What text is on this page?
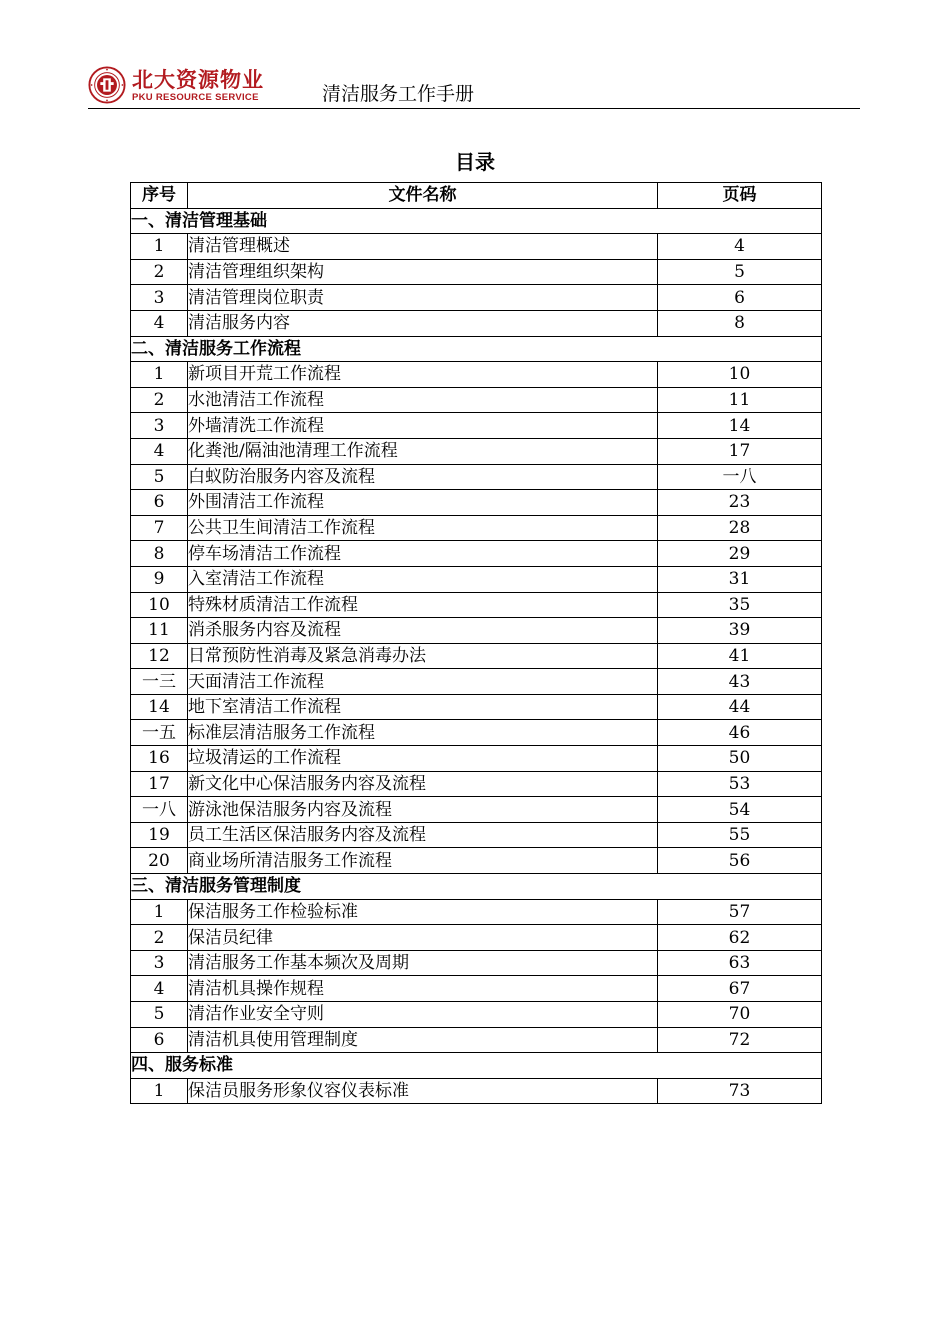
北大资源物业
PKU RESOURCE SERVICE	清洁服务工作手册
目录
序号	文件名称	页码
一、清洁管理基础		
1	清洁管理概述	4
2	清洁管理组织架构	5
3	清洁管理岗位职责	6
4	清洁服务内容	8
二、清洁服务工作流程		
1	新项目开荒工作流程	10
2	水池清洁工作流程	11
3	外墙清洗工作流程	14
4	化粪池/隔油池清理工作流程	17
5	白蚁防治服务内容及流程	一八
6	外围清洁工作流程	23
7	公共卫生间清洁工作流程	28
8	停车场清洁工作流程	29
9	入室清洁工作流程	31
10	特殊材质清洁工作流程	35
11	消杀服务内容及流程	39
12	日常预防性消毒及紧急消毒办法	41
一三	天面清洁工作流程	43
14	地下室清洁工作流程	44
一五	标准层清洁服务工作流程	46
16	垃圾清运的工作流程	50
17	新文化中心保洁服务内容及流程	53
一八	游泳池保洁服务内容及流程	54
19	员工生活区保洁服务内容及流程	55
20	商业场所清洁服务工作流程	56
三、清洁服务管理制度		
1	保洁服务工作检验标准	57
2	保洁员纪律	62
3	清洁服务工作基本频次及周期	63
4	清洁机具操作规程	67
5	清洁作业安全守则	70
6	清洁机具使用管理制度	72
四、服务标准		
1	保洁员服务形象仪容仪表标准	73
